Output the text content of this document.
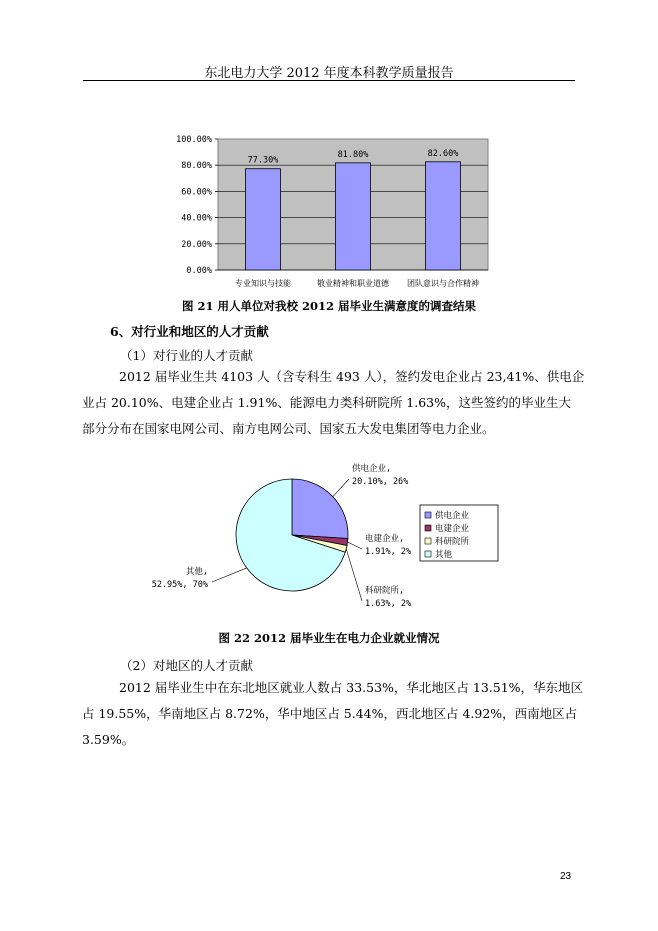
东北电力大学 2012 年度本科教学质量报告
100.00%
80.00%
60.00%
40.00%
20.00%
0.00%
77.30%
81.80%	82.60%
专业知识与技能	敬业精神和职业道德 团队意识与合作精神
图 21 用人单位对我校 2012 届毕业生满意度的调查结果
6、对行业和地区的人才贡献
（1）对行业的人才贡献
2012 届毕业生共 4103 人（含专科生 493 人），签约发电企业占 23,41%、供电企
业占 20.10%、电建企业占 1.91%、能源电力类科研院所 1.63%，这些签约的毕业生大
部分分布在国家电网公司、南方电网公司、国家五大发电集团等电力企业。
供电企业,
20.10%, 26%
电建企业,
1.91%, 2%
科研院所,
1.63%, 2%
其他,
52.95%, 70%
供电企业
电建企业
科研院所
其他
图 22 2012 届毕业生在电力企业就业情况
（2）对地区的人才贡献
2012 届毕业生中在东北地区就业人数占 33.53%，华北地区占 13.51%，华东地区
占 19.55%，华南地区占 8.72%，华中地区占 5.44%，西北地区占 4.92%，西南地区占
3.59%。
23
